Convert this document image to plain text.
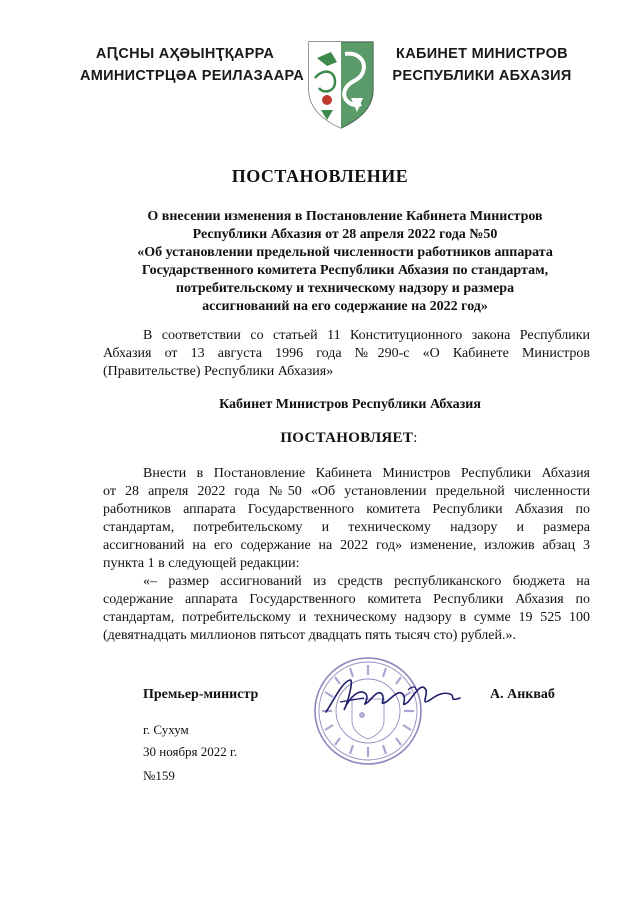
АԤСНЫ АҲӘЫНҬҚАРРА
АМИНИСТРЦӘА РЕИЛАЗААРА
КАБИНЕТ МИНИСТРОВ
РЕСПУБЛИКИ АБХАЗИЯ
ПОСТАНОВЛЕНИЕ
О внесении изменения в Постановление Кабинета Министров
Республики Абхазия от 28 апреля 2022 года №50
«Об установлении предельной численности работников аппарата
Государственного комитета Республики Абхазия по стандартам,
потребительскому и техническому надзору и размера
ассигнований на его содержание на 2022 год»
В соответствии со статьей 11 Конституционного закона Республики
Абхазия от 13 августа 1996 года №290-с «О Кабинете Министров
(Правительстве) Республики Абхазия»
Кабинет Министров Республики Абхазия
ПОСТАНОВЛЯЕТ:
Внести в Постановление Кабинета Министров Республики Абхазия
от 28 апреля 2022 года №50 «Об установлении предельной численности
работников аппарата Государственного комитета Республики Абхазия по
стандартам, потребительскому и техническому надзору и размера
ассигнований на его содержание на 2022 год» изменение, изложив абзац 3
пункта 1 в следующей редакции:
«– размер ассигнований из средств республиканского бюджета на
содержание аппарата Государственного комитета Республики Абхазия по
стандартам, потребительскому и техническому надзору в сумме 19 525 100
(девятнадцать миллионов пятьсот двадцать пять тысяч сто) рублей.».
Премьер-министр	А. Анкваб
г. Сухум
30 ноября 2022 г.
№159
